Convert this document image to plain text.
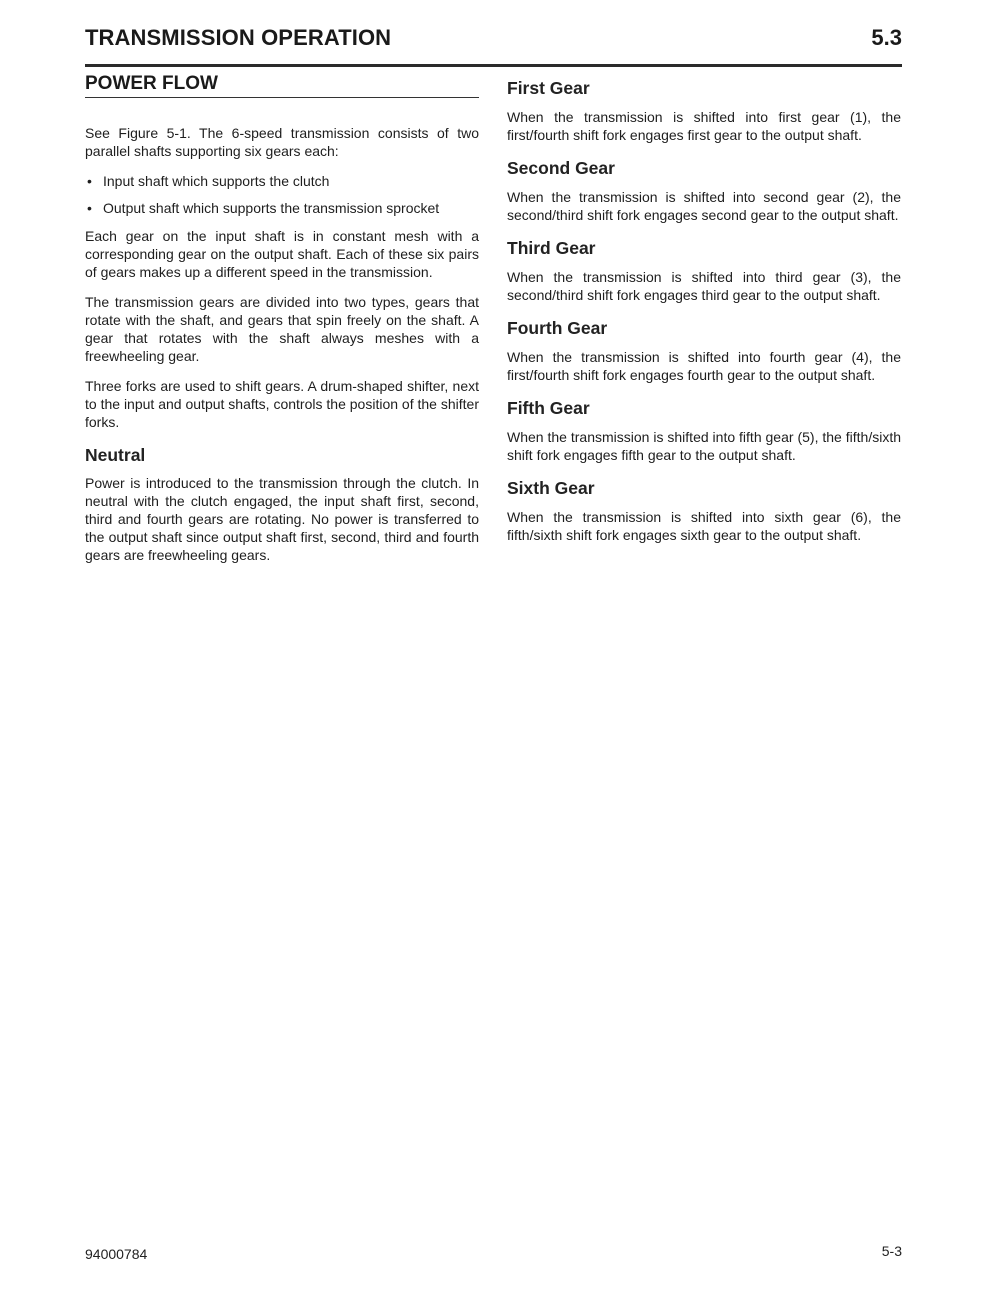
TRANSMISSION OPERATION	5.3
POWER FLOW

See Figure 5-1. The 6-speed transmission consists of two parallel shafts supporting six gears each:

• Input shaft which supports the clutch
• Output shaft which supports the transmission sprocket

Each gear on the input shaft is in constant mesh with a corresponding gear on the output shaft. Each of these six pairs of gears makes up a different speed in the transmission.

The transmission gears are divided into two types, gears that rotate with the shaft, and gears that spin freely on the shaft. A gear that rotates with the shaft always meshes with a freewheeling gear.

Three forks are used to shift gears. A drum-shaped shifter, next to the input and output shafts, controls the position of the shifter forks.

Neutral

Power is introduced to the transmission through the clutch. In neutral with the clutch engaged, the input shaft first, second, third and fourth gears are rotating. No power is transferred to the output shaft since output shaft first, second, third and fourth gears are freewheeling gears.

First Gear

When the transmission is shifted into first gear (1), the first/fourth shift fork engages first gear to the output shaft.

Second Gear

When the transmission is shifted into second gear (2), the second/third shift fork engages second gear to the output shaft.

Third Gear

When the transmission is shifted into third gear (3), the second/third shift fork engages third gear to the output shaft.

Fourth Gear

When the transmission is shifted into fourth gear (4), the first/fourth shift fork engages fourth gear to the output shaft.

Fifth Gear

When the transmission is shifted into fifth gear (5), the fifth/sixth shift fork engages fifth gear to the output shaft.

Sixth Gear

When the transmission is shifted into sixth gear (6), the fifth/sixth shift fork engages sixth gear to the output shaft.

94000784	5-3
